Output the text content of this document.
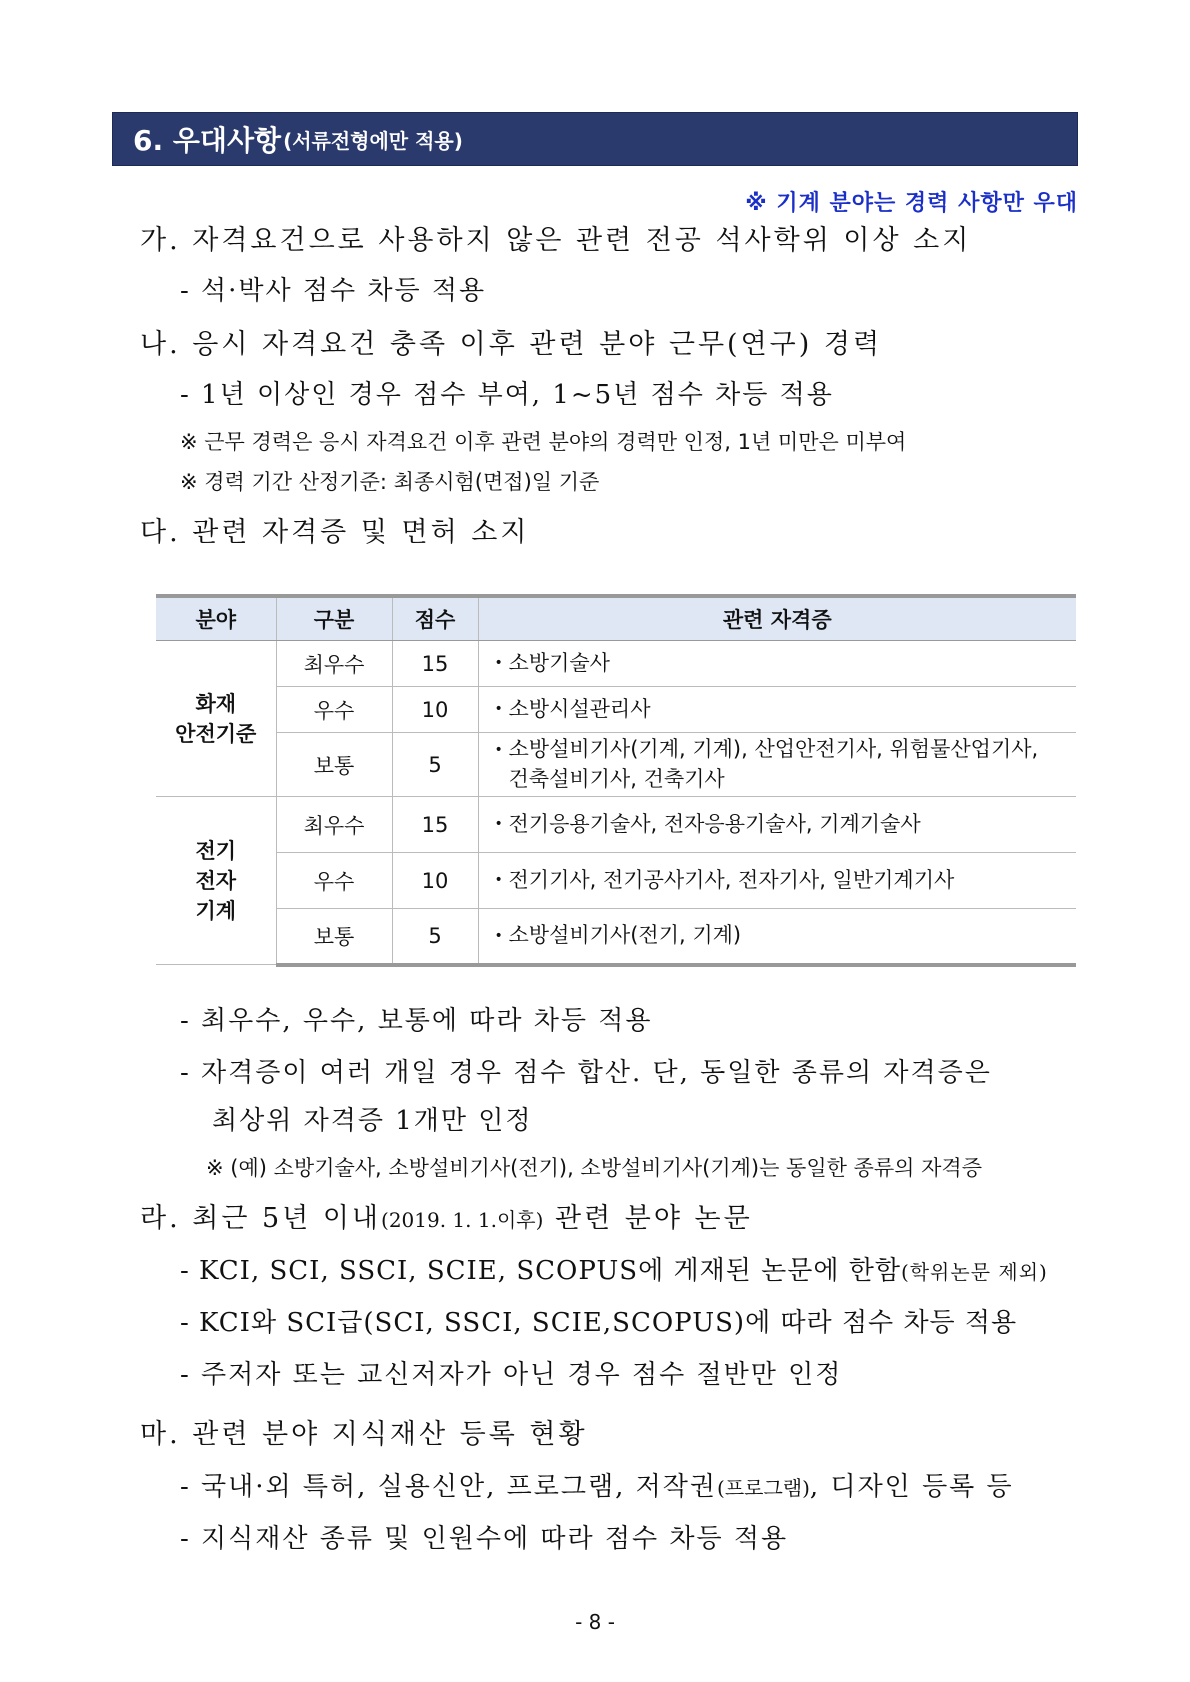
6. 우대사항 (서류전형에만 적용)
※ 기계 분야는 경력 사항만 우대
가. 자격요건으로 사용하지 않은 관련 전공 석사학위 이상 소지
- 석·박사 점수 차등 적용
나. 응시 자격요건 충족 이후 관련 분야 근무(연구) 경력
- 1년 이상인 경우 점수 부여, 1~5년 점수 차등 적용
※ 근무 경력은 응시 자격요건 이후 관련 분야의 경력만 인정, 1년 미만은 미부여
※ 경력 기간 산정기준: 최종시험(면접)일 기준
다. 관련 자격증 및 면허 소지
분야	구분	점수	관련 자격증

화재
안전기준	최우수	15	• 소방기술사
	우수	10	• 소방시설관리사
	보통	5	• 소방설비기사(기계, 기계), 산업안전기사, 위험물산업기사,
건축설비기사, 건축기사

전기
전자
기계	최우수	15	• 전기응용기술사, 전자응용기술사, 기계기술사
	우수	10	• 전기기사, 전기공사기사, 전자기사, 일반기계기사
	보통	5	• 소방설비기사(전기, 기계)
- 최우수, 우수, 보통에 따라 차등 적용
- 자격증이 여러 개일 경우 점수 합산. 단, 동일한 종류의 자격증은
최상위 자격증 1개만 인정
※ (예) 소방기술사, 소방설비기사(전기), 소방설비기사(기계)는 동일한 종류의 자격증
라. 최근 5년 이내(2019. 1. 1.이후) 관련 분야 논문
- KCI, SCI, SSCI, SCIE, SCOPUS에 게재된 논문에 한함(학위논문 제외)
- KCI와 SCI급(SCI, SSCI, SCIE,SCOPUS)에 따라 점수 차등 적용
- 주저자 또는 교신저자가 아닌 경우 점수 절반만 인정
마. 관련 분야 지식재산 등록 현황
- 국내·외 특허, 실용신안, 프로그램, 저작권(프로그램), 디자인 등록 등
- 지식재산 종류 및 인원수에 따라 점수 차등 적용
- 8 -
